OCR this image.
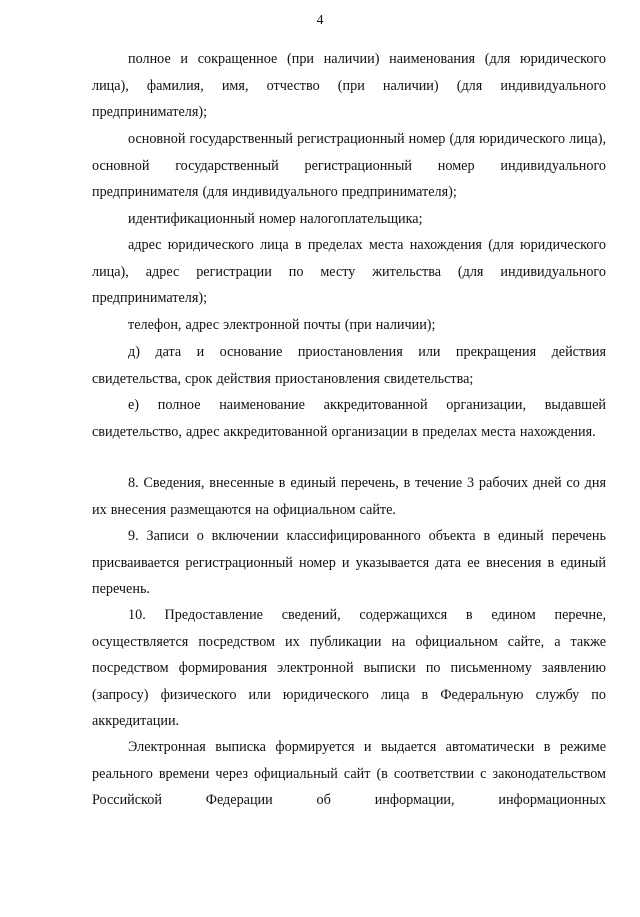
4

полное и сокращенное (при наличии) наименования (для юридического лица), фамилия, имя, отчество (при наличии) (для индивидуального предпринимателя);

основной государственный регистрационный номер (для юридического лица), основной государственный регистрационный номер индивидуального предпринимателя (для индивидуального предпринимателя);

идентификационный номер налогоплательщика;

адрес юридического лица в пределах места нахождения (для юридического лица), адрес регистрации по месту жительства (для индивидуального предпринимателя);

телефон, адрес электронной почты (при наличии);

д) дата и основание приостановления или прекращения действия свидетельства, срок действия приостановления свидетельства;

е) полное наименование аккредитованной организации, выдавшей свидетельство, адрес аккредитованной организации в пределах места нахождения.

8. Сведения, внесенные в единый перечень, в течение 3 рабочих дней со дня их внесения размещаются на официальном сайте.

9. Записи о включении классифицированного объекта в единый перечень присваивается регистрационный номер и указывается дата ее внесения в единый перечень.

10. Предоставление сведений, содержащихся в едином перечне, осуществляется посредством их публикации на официальном сайте, а также посредством формирования электронной выписки по письменному заявлению (запросу) физического или юридического лица в Федеральную службу по аккредитации.

Электронная выписка формируется и выдается автоматически в режиме реального времени через официальный сайт (в соответствии с законодательством Российской Федерации об информации, информационных
